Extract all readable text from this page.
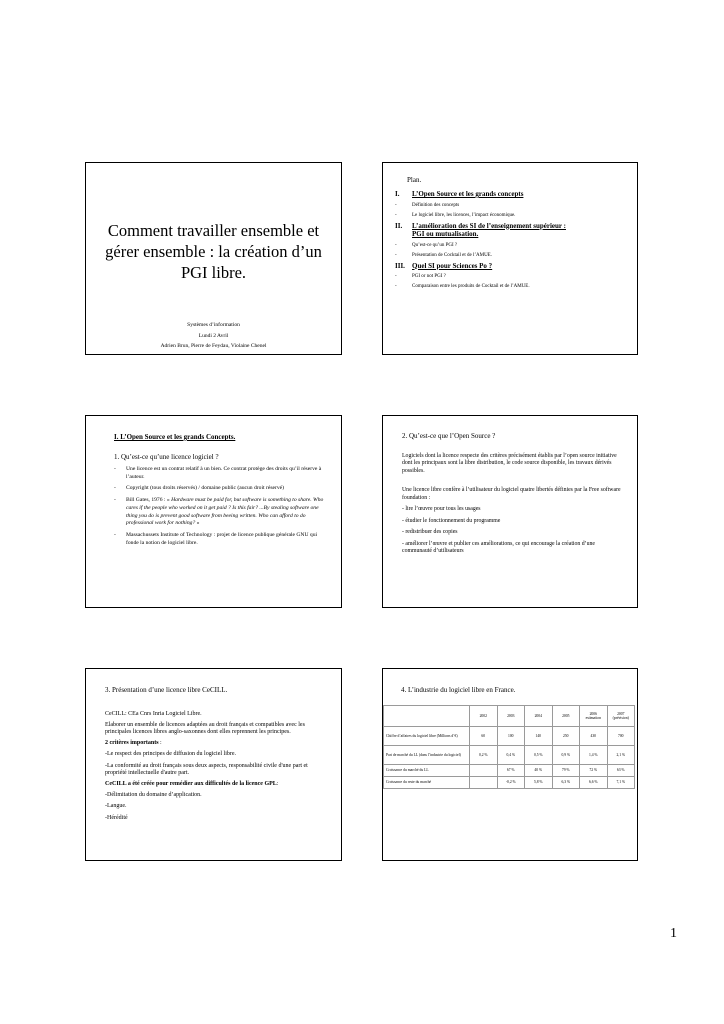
Comment travailler ensemble et
gérer ensemble : la création d’un
PGI libre.
Systèmes d’information
Lundi 2 Avril
Adrien Brun, Pierre de Feydau, Violaine Chenel
Plan.
I.	L’Open Source et les grands concepts
- Définition des concepts
- Le logiciel libre, les licences, l’impact économique.
II.	L’amélioration des SI de l’enseignement supérieur :
PGI ou mutualisation.
- Qu’est-ce qu’un PGI ?
- Présentation de Cocktail et de l’AMUE.
III.	Quel SI pour Sciences Po ?
- PGI or not PGI ?
- Comparaison entre les produits de Cocktail et de l’AMUE.
I. L’Open Source et les grands Concepts.
1. Qu’est-ce qu’une licence logiciel ?
- Une licence est un contrat relatif à un bien. Ce contrat protège des droits qu’il réserve à l’auteur.
- Copyright (tous droits réservés) / domaine public (aucun droit réservé)
- Bill Gates, 1976 : « Hardware must be paid for, but software is something to share. Who cares if the people who worked on it get paid ? Is this fair? ...By stealing software one thing you do is prevent good software from beeing written. Who can afford to do professional work for nothing? »
- Massachussets Institute of Technology : projet de licence publique générale GNU qui fonde la notion de logiciel libre.
2. Qu’est-ce que l’Open Source ?

Logiciels dont la licence respecte des critères précisément établis par l’open source initiative dont les principaux sont la libre distribution, le code source disponible, les travaux dérivés possibles.

Une licence libre confère à l’utilisateur du logiciel quatre libertés définies par la Free software foundation :

- lire l’œuvre pour tous les usages

- étudier le fonctionnement du programme

- redistribuer des copies

- améliorer l’œuvre et publier ces améliorations, ce qui encourage la création d’une communauté d’utilisateurs

3. Présentation d’une licence libre CeCILL.

CeCILL: CEa Cnrs Inria Logiciel Libre.

Elaborer un ensemble de licences adaptées au droit français et compatibles avec les principales licences libres anglo-saxonnes dont elles reprennent les principes.

2 critères importants :

-Le respect des principes de diffusion du logiciel libre.

-La conformité au droit français sous deux aspects, responsabilité civile d'une part et propriété intellectuelle d'autre part.

CeCILL a été créée pour remédier aux difficultés de la licence GPL:

-Délimitation du domaine d’application.

-Langue.

-Hérédité

4. L’industrie du logiciel libre en France.
	2002	2003	2004	2005	2006 estimation	2007 (prévision)
Chiffre d’affaires du logiciel libre (Millions d’€)	60	100	140	250	430	700
Part de marché du LL (dans l’industrie du logiciel)	0,2 %	0,4 %	0,5 %	0,9 %	1,4 %	2,1 %
Croissance du marché du LL		67 %	40 %	79 %	72 %	63 %
Croissance du reste du marché		-0,2 %	5,8 %	6,3 %	6,6 %	7,1 %
1
